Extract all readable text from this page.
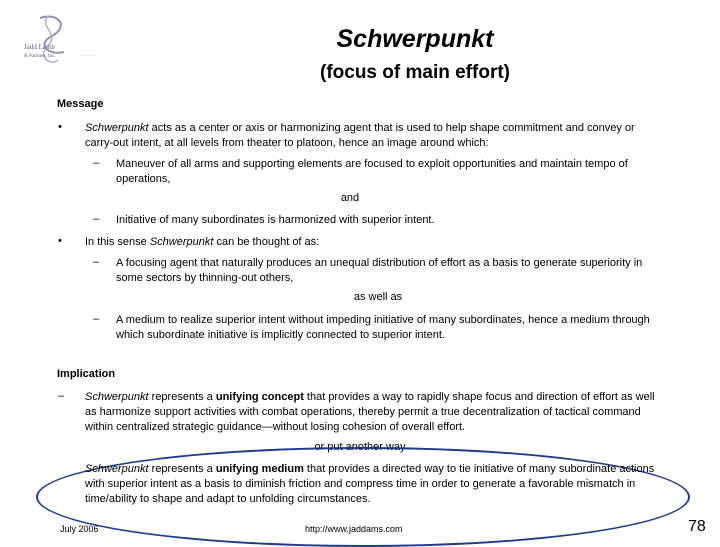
Jadd Lamb
& Partners, Inc.	...............
Schwerpunkt
(focus of main effort)
Message
• Schwerpunkt acts as a center or axis or harmonizing agent that is used to help shape commitment and convey or carry-out intent, at all levels from theater to platoon, hence an image around which:
– Maneuver of all arms and supporting elements are focused to exploit opportunities and maintain tempo of operations,
and
– Initiative of many subordinates is harmonized with superior intent.
• In this sense Schwerpunkt can be thought of as:
– A focusing agent that naturally produces an unequal distribution of effort as a basis to generate superiority in some sectors by thinning-out others,
as well as
– A medium to realize superior intent without impeding initiative of many subordinates, hence a medium through which subordinate initiative is implicitly connected to superior intent.
Implication
– Schwerpunkt represents a unifying concept that provides a way to rapidly shape focus and direction of effort as well as harmonize support activities with combat operations, thereby permit a true decentralization of tactical command within centralized strategic guidance—without losing cohesion of overall effort.
or put another way
Schwerpunkt represents a unifying medium that provides a directed way to tie initiative of many subordinate actions with superior intent as a basis to diminish friction and compress time in order to generate a favorable mismatch in time/ability to shape and adapt to unfolding circumstances.
July 2006	http://www.jaddams.com	78
